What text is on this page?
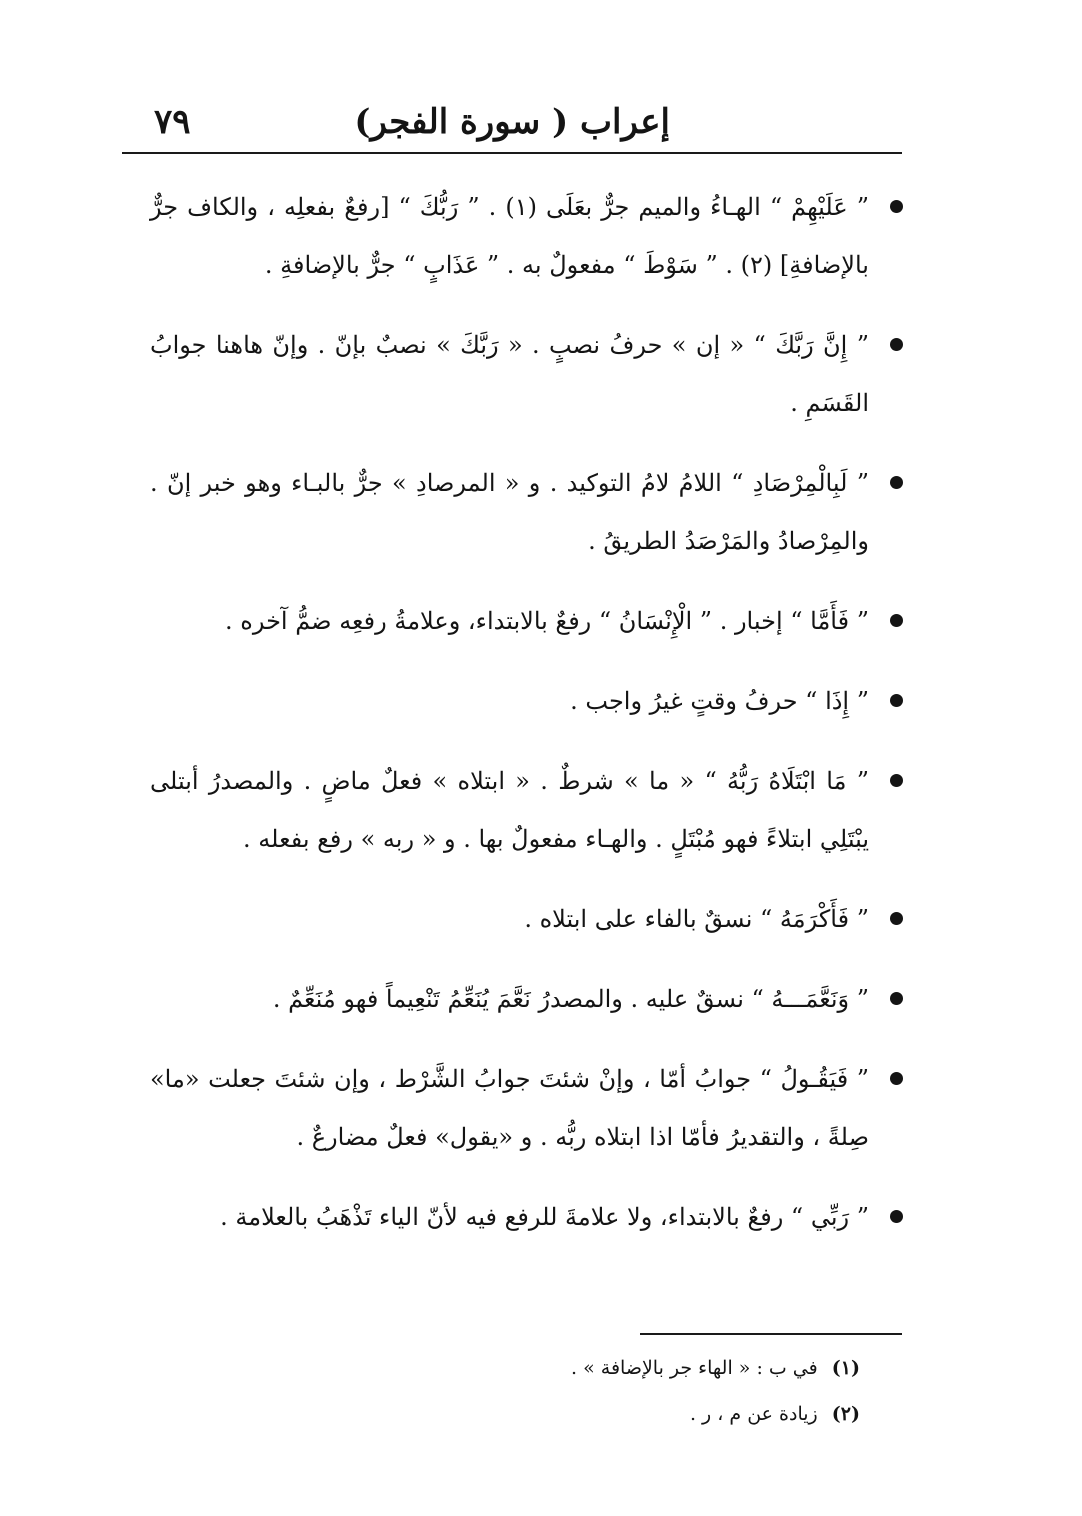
إعراب ( سورة الفجر)
٧٩
” عَلَيْهِمْ “ الهـاءُ والميم جرٌّ بعَلَى (١) . ” رَبُّكَ “ [رفعٌ بفعلِه ، والكاف جرٌّ بالإضافةِ] (٢) . ” سَوْطَ “ مفعولٌ به . ” عَذَابٍ “ جرٌّ بالإضافةِ .
” إِنَّ رَبَّكَ “ « إن » حرفُ نصبٍ . « رَبَّكَ » نصبٌ بإنّ . وإنّ هاهنا جوابُ القَسَمِ .
” لَبِالْمِرْصَادِ “ اللامُ لامُ التوكيد . و « المرصادِ » جرٌّ بالبـاء وهو خبر إنّ . والمِرْصادُ والمَرْصَدُ الطريقُ .
” فَأَمَّا “ إخبار . ” الْإِنْسَانُ “ رفعٌ بالابتداء، وعلامةُ رفعِه ضمُّ آخره .
” إِذَا “ حرفُ وقتٍ غيرُ واجب .
” مَا ابْتَلَاهُ رَبُّهُ “ « ما » شرطٌ . « ابتلاه » فعلٌ ماضٍ . والمصدرُ أبتلى يبْتَلِي ابتلاءً فهو مُبْتَلٍ . والهـاء مفعولٌ بها . و « ربه » رفع بفعله .
” فَأَكْرَمَهُ “ نسقٌ بالفاء على ابتلاه .
” وَنَعَّمَـــهُ “ نسقٌ عليه . والمصدرُ نَعَّمَ يُنَعِّمُ تَنْعِيماً فهو مُنَعِّمٌ .
” فَيَقُـولُ “ جوابُ أمّا ، وإنْ شئتَ جوابُ الشَّرْط ، وإن شئتَ جعلت «ما» صِلةً ، والتقديرُ فأمّا اذا ابتلاه ربُّه . و «يقول» فعلٌ مضارعٌ .
” رَبِّي “ رفعٌ بالابتداء، ولا علامةَ للرفع فيه لأنّ الياء تَذْهَبُ بالعلامة .
(١) في ب : « الهاء جر بالإضافة » .
(٢) زيادة عن م ، ر .
